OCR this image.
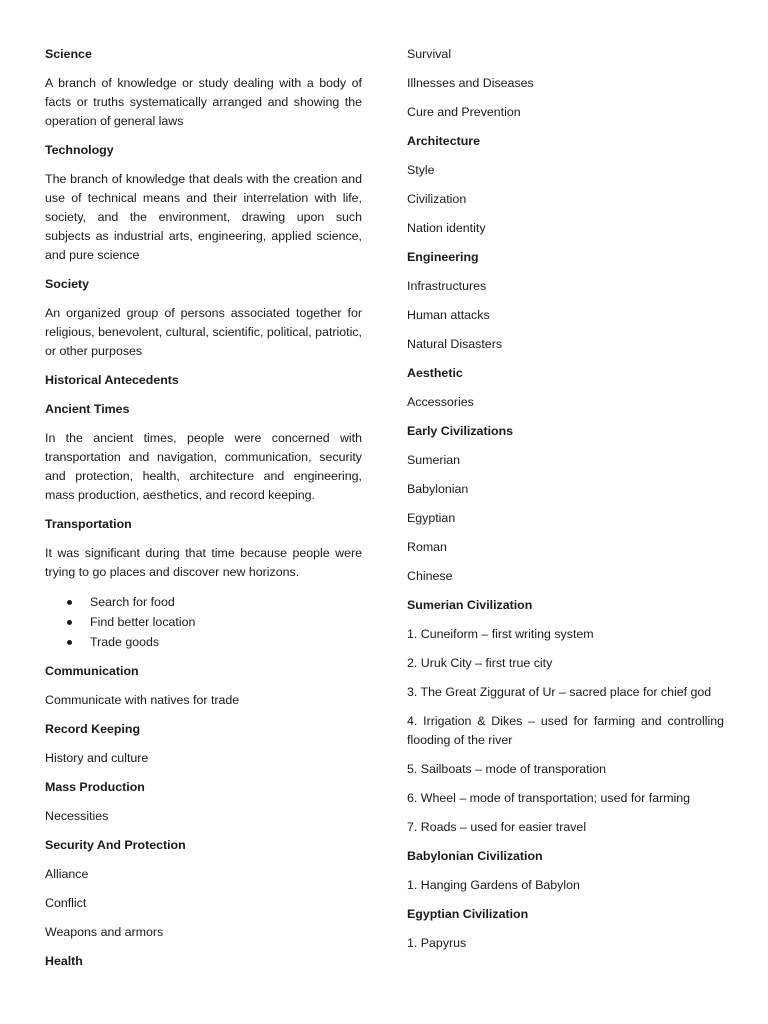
Science
A branch of knowledge or study dealing with a body of facts or truths systematically arranged and showing the operation of general laws
Technology
The branch of knowledge that deals with the creation and use of technical means and their interrelation with life, society, and the environment, drawing upon such subjects as industrial arts, engineering, applied science, and pure science
Society
An organized group of persons associated together for religious, benevolent, cultural, scientific, political, patriotic, or other purposes
Historical Antecedents
Ancient Times
In the ancient times, people were concerned with transportation and navigation, communication, security and protection, health, architecture and engineering, mass production, aesthetics, and record keeping.
Transportation
It was significant during that time because people were trying to go places and discover new horizons.
Search for food
Find better location
Trade goods
Communication
Communicate with natives for trade
Record Keeping
History and culture
Mass Production
Necessities
Security And Protection
Alliance
Conflict
Weapons and armors
Health
Survival
Illnesses and Diseases
Cure and Prevention
Architecture
Style
Civilization
Nation identity
Engineering
Infrastructures
Human attacks
Natural Disasters
Aesthetic
Accessories
Early Civilizations
Sumerian
Babylonian
Egyptian
Roman
Chinese
Sumerian Civilization
1. Cuneiform – first writing system
2. Uruk City – first true city
3. The Great Ziggurat of Ur – sacred place for chief god
4. Irrigation & Dikes – used for farming and controlling flooding of the river
5. Sailboats – mode of transporation
6. Wheel – mode of transportation; used for farming
7. Roads – used for easier travel
Babylonian Civilization
1. Hanging Gardens of Babylon
Egyptian Civilization
1. Papyrus
